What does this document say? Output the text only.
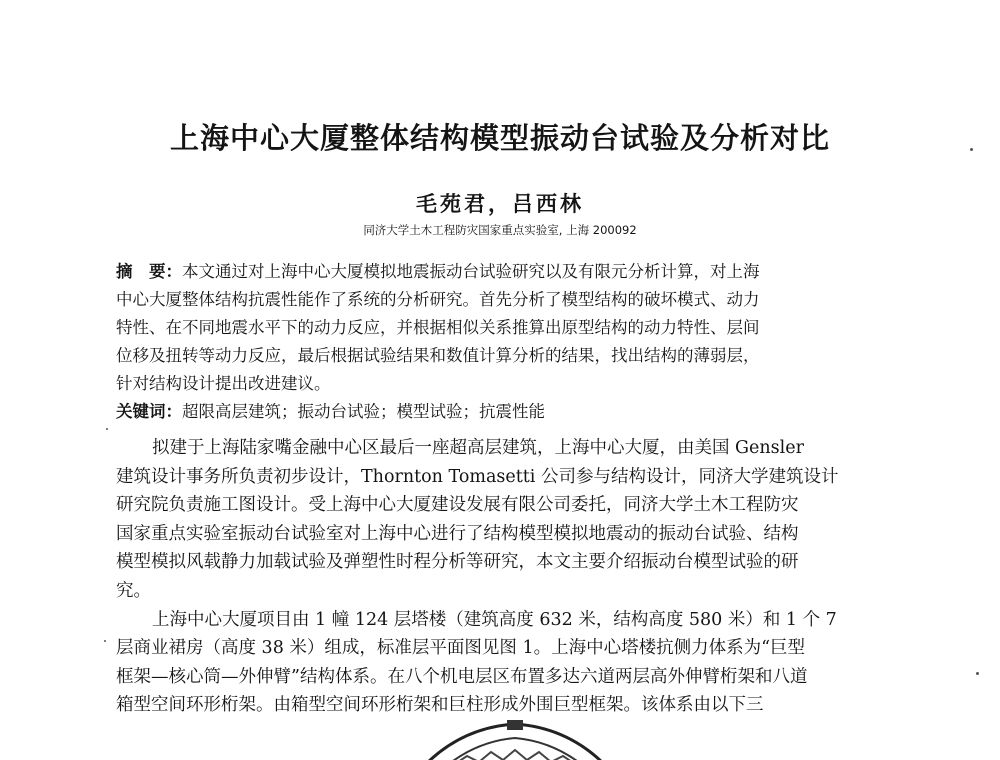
上海中心大厦整体结构模型振动台试验及分析对比
毛苑君，吕西林
同济大学土木工程防灾国家重点实验室, 上海 200092
摘　要：本文通过对上海中心大厦模拟地震振动台试验研究以及有限元分析计算，对上海
中心大厦整体结构抗震性能作了系统的分析研究。首先分析了模型结构的破坏模式、动力
特性、在不同地震水平下的动力反应，并根据相似关系推算出原型结构的动力特性、层间
位移及扭转等动力反应，最后根据试验结果和数值计算分析的结果，找出结构的薄弱层，
针对结构设计提出改进建议。
关键词：超限高层建筑；振动台试验；模型试验；抗震性能
拟建于上海陆家嘴金融中心区最后一座超高层建筑，上海中心大厦，由美国 Gensler
建筑设计事务所负责初步设计，Thornton Tomasetti 公司参与结构设计，同济大学建筑设计
研究院负责施工图设计。受上海中心大厦建设发展有限公司委托，同济大学土木工程防灾
国家重点实验室振动台试验室对上海中心进行了结构模型模拟地震动的振动台试验、结构
模型模拟风载静力加载试验及弹塑性时程分析等研究，本文主要介绍振动台模型试验的研
究。
上海中心大厦项目由 1 幢 124 层塔楼（建筑高度 632 米，结构高度 580 米）和 1 个 7
层商业裙房（高度 38 米）组成，标准层平面图见图 1。上海中心塔楼抗侧力体系为“巨型
框架—核心筒—外伸臂”结构体系。在八个机电层区布置多达六道两层高外伸臂桁架和八道
箱型空间环形桁架。由箱型空间环形桁架和巨柱形成外围巨型框架。该体系由以下三
